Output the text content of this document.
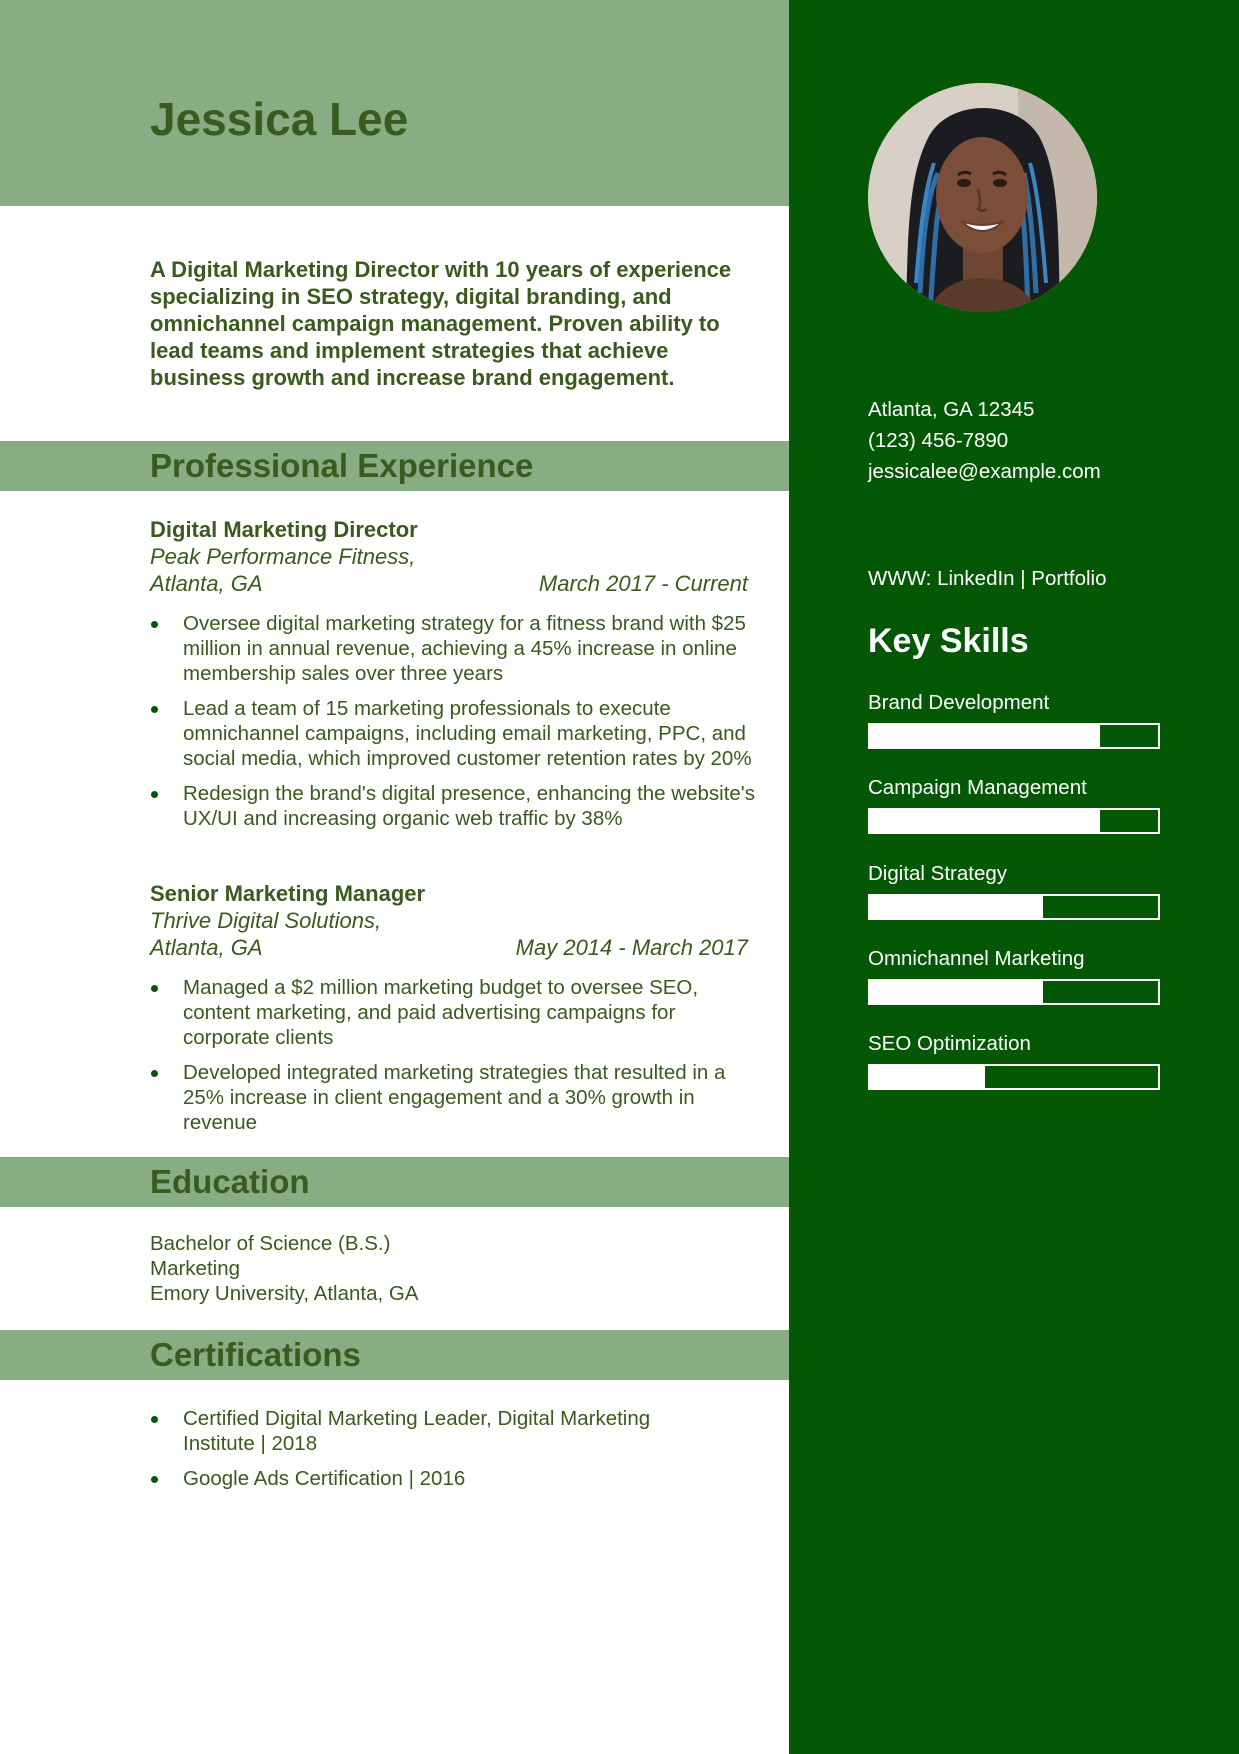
Jessica Lee

A Digital Marketing Director with 10 years of experience specializing in SEO strategy, digital branding, and omnichannel campaign management. Proven ability to lead teams and implement strategies that achieve business growth and increase brand engagement.

Professional Experience
Digital Marketing Director
Peak Performance Fitness,
Atlanta, GA	March 2017 - Current
Oversee digital marketing strategy for a fitness brand with $25 million in annual revenue, achieving a 45% increase in online membership sales over three years
Lead a team of 15 marketing professionals to execute omnichannel campaigns, including email marketing, PPC, and social media, which improved customer retention rates by 20%
Redesign the brand's digital presence, enhancing the website's UX/UI and increasing organic web traffic by 38%
Senior Marketing Manager
Thrive Digital Solutions,
Atlanta, GA	May 2014 - March 2017
Managed a $2 million marketing budget to oversee SEO, content marketing, and paid advertising campaigns for corporate clients
Developed integrated marketing strategies that resulted in a 25% increase in client engagement and a 30% growth in revenue
Education
Bachelor of Science (B.S.)
Marketing
Emory University, Atlanta, GA
Certifications
Certified Digital Marketing Leader, Digital Marketing Institute | 2018
Google Ads Certification | 2016
Atlanta, GA 12345
(123) 456-7890
jessicalee@example.com
WWW: LinkedIn | Portfolio
Key Skills
Brand Development
Campaign Management
Digital Strategy
Omnichannel Marketing
SEO Optimization
